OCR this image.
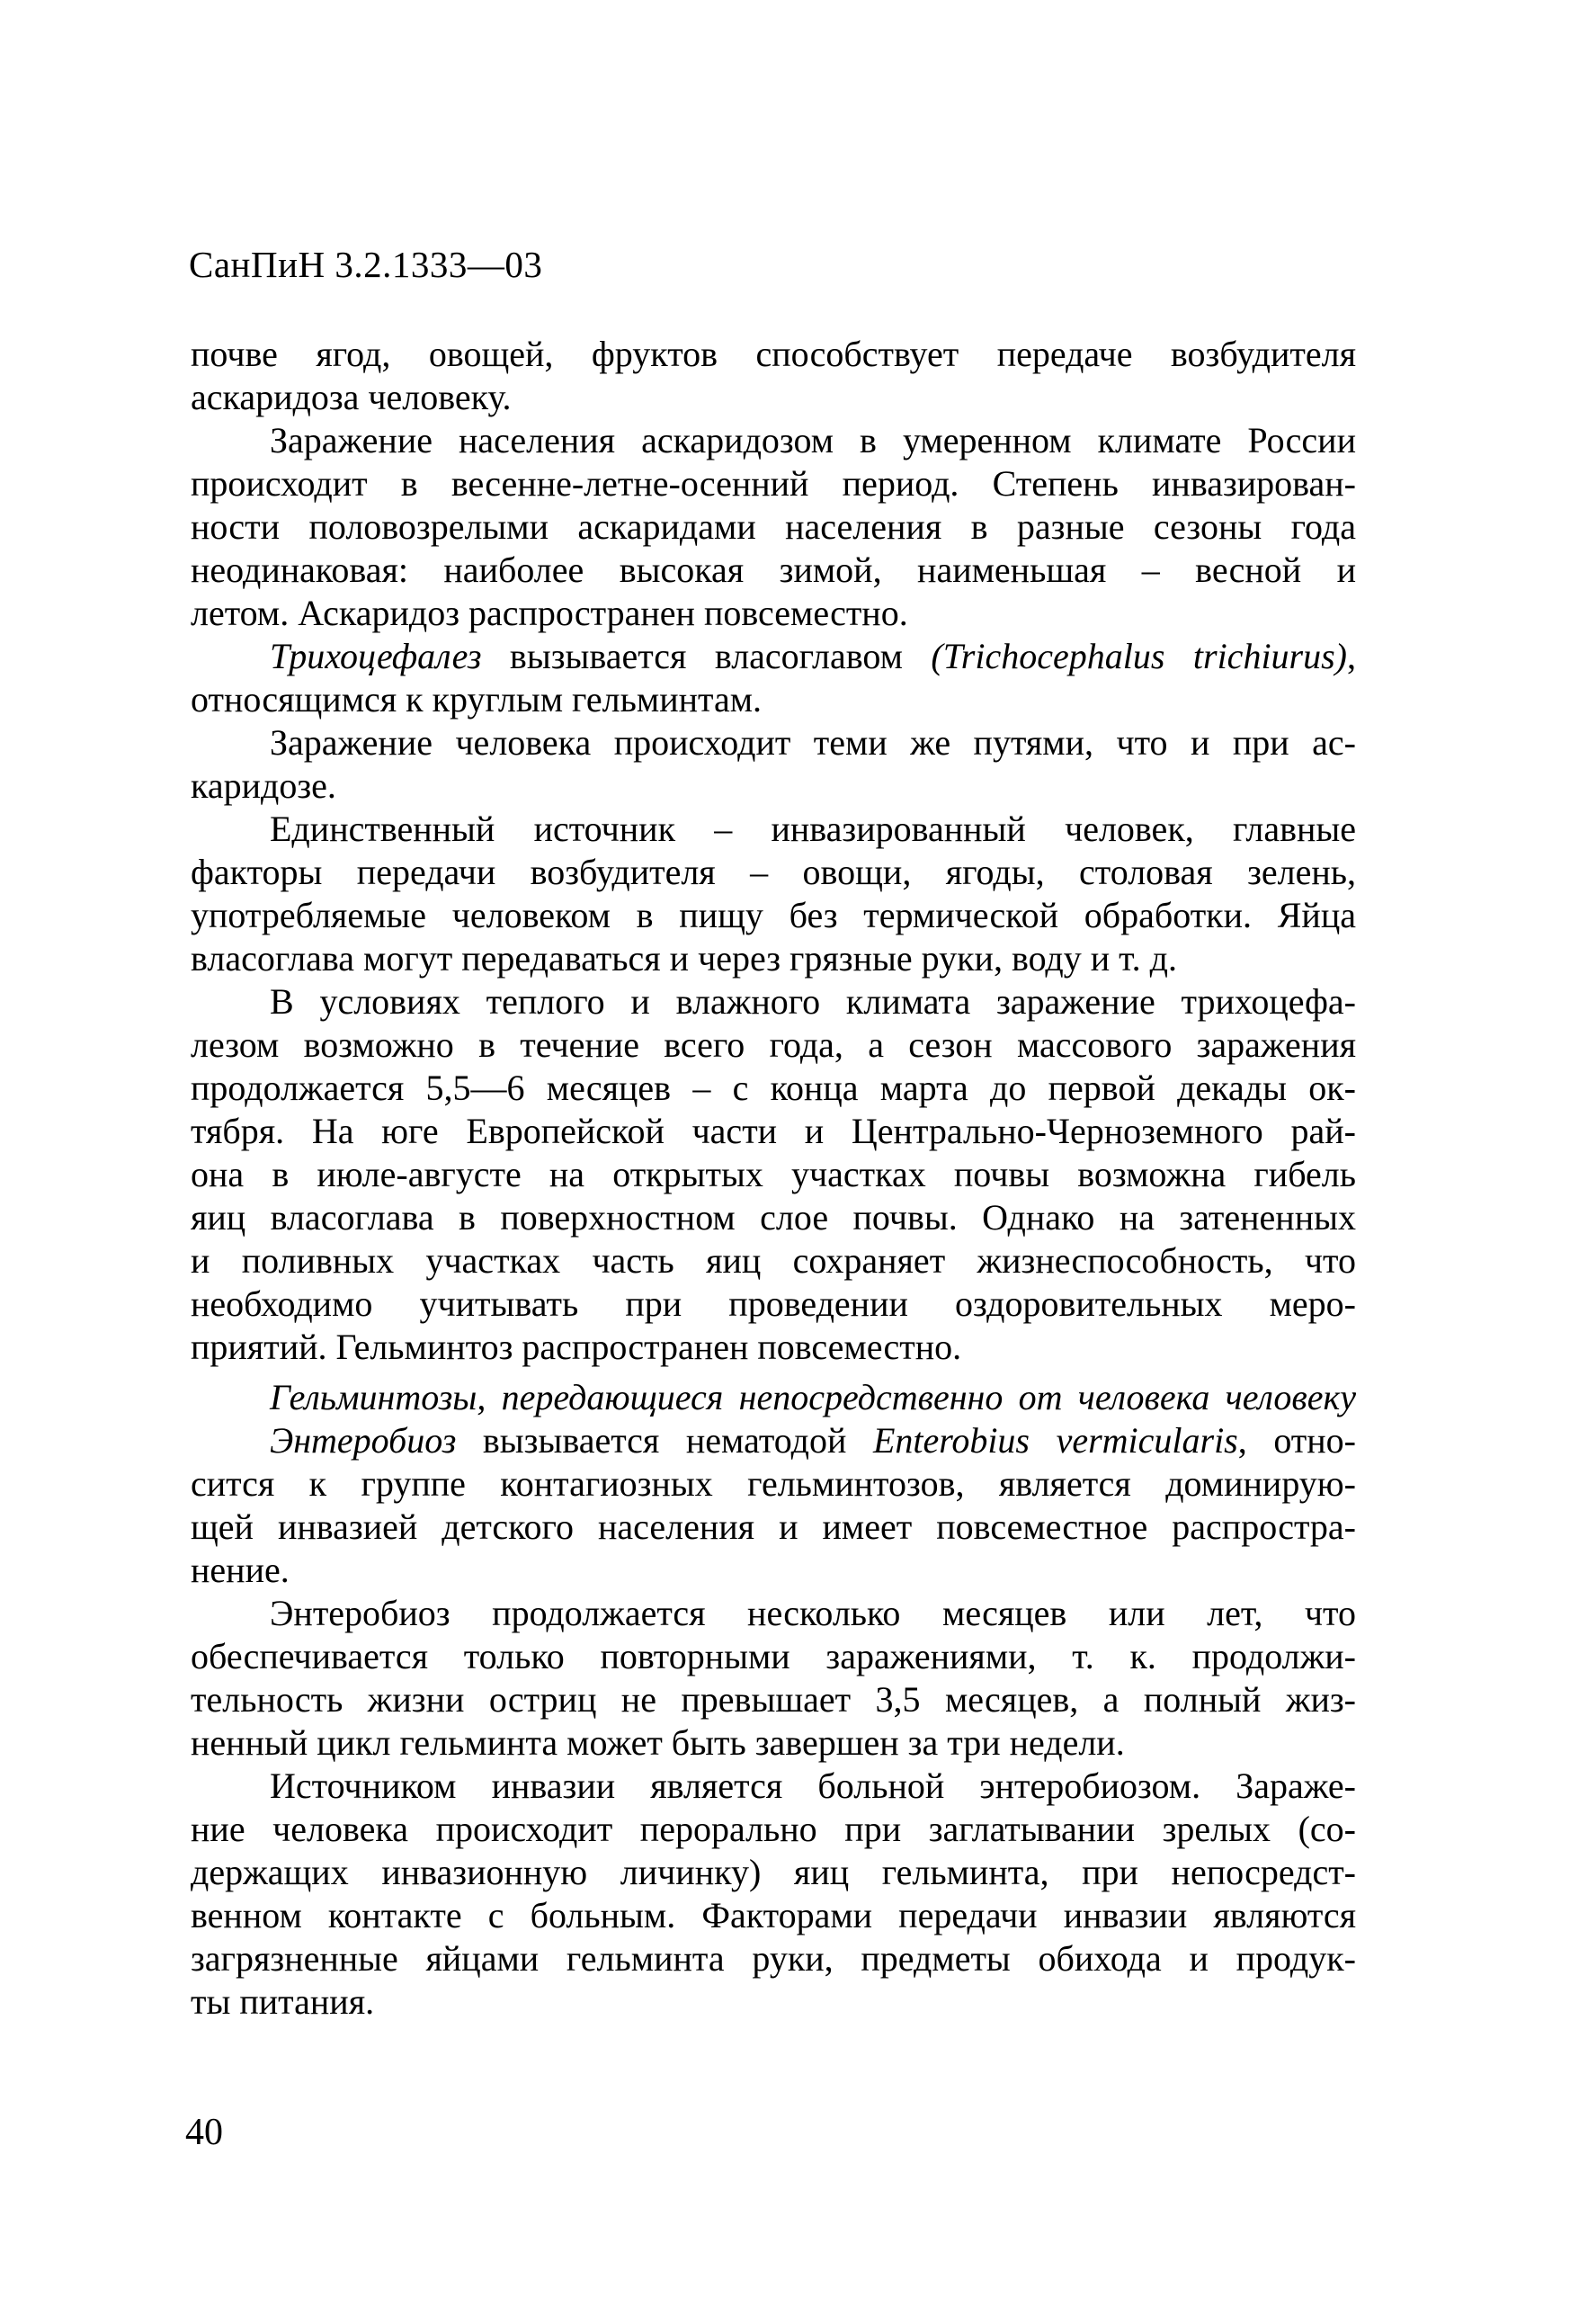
СанПиН 3.2.1333—03
почве ягод, овощей, фруктов способствует передаче возбудителя
аскаридоза человеку.
Заражение населения аскаридозом в умеренном климате России
происходит в весенне-летне-осенний период. Степень инвазирован-
ности половозрелыми аскаридами населения в разные сезоны года
неодинаковая: наиболее высокая зимой, наименьшая – весной и
летом. Аскаридоз распространен повсеместно.
Трихоцефалез вызывается власоглавом (Trichocephalus trichiurus),
относящимся к круглым гельминтам.
Заражение человека происходит теми же путями, что и при ас-
каридозе.
Единственный источник – инвазированный человек, главные
факторы передачи возбудителя – овощи, ягоды, столовая зелень,
употребляемые человеком в пищу без термической обработки. Яйца
власоглава могут передаваться и через грязные руки, воду и т. д.
В условиях теплого и влажного климата заражение трихоцефа-
лезом возможно в течение всего года, а сезон массового заражения
продолжается 5,5—6 месяцев – с конца марта до первой декады ок-
тября. На юге Европейской части и Центрально-Черноземного рай-
она в июле-августе на открытых участках почвы возможна гибель
яиц власоглава в поверхностном слое почвы. Однако на затененных
и поливных участках часть яиц сохраняет жизнеспособность, что
необходимо учитывать при проведении оздоровительных меро-
приятий. Гельминтоз распространен повсеместно.
Гельминтозы, передающиеся непосредственно от человека человеку
Энтеробиоз вызывается нематодой Enterobius vermicularis, отно-
сится к группе контагиозных гельминтозов, является доминирую-
щей инвазией детского населения и имеет повсеместное распростра-
нение.
Энтеробиоз продолжается несколько месяцев или лет, что
обеспечивается только повторными заражениями, т. к. продолжи-
тельность жизни остриц не превышает 3,5 месяцев, а полный жиз-
ненный цикл гельминта может быть завершен за три недели.
Источником инвазии является больной энтеробиозом. Зараже-
ние человека происходит перорально при заглатывании зрелых (со-
держащих инвазионную личинку) яиц гельминта, при непосредст-
венном контакте с больным. Факторами передачи инвазии являются
загрязненные яйцами гельминта руки, предметы обихода и продук-
ты питания.
40
